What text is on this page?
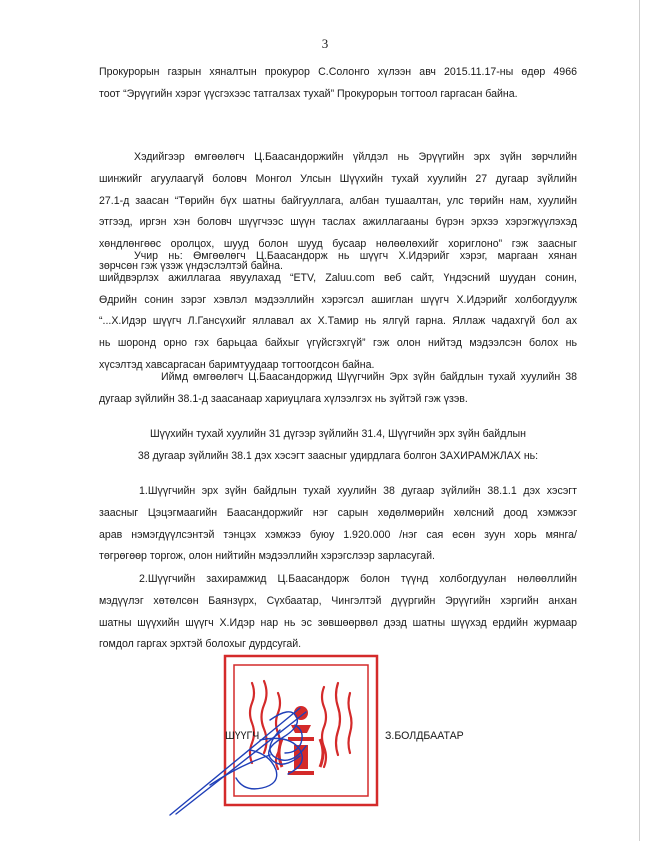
3
Прокурорын газрын хяналтын прокурор С.Солонго хүлээн авч 2015.11.17-ны өдөр 4966
тоот “Эрүүгийн хэрэг үүсгэхээс татгалзах тухай” Прокурорын тогтоол гаргасан байна.
Хэдийгээр өмгөөлөгч Ц.Баасандоржийн үйлдэл нь Эрүүгийн эрх зүйн зөрчлийн
шинжийг агуулаагүй боловч Монгол Улсын Шүүхийн тухай хуулийн 27 дугаар зүйлийн
27.1-д заасан “Төрийн бүх шатны байгууллага, албан тушаалтан, улс төрийн нам, хуулийн
этгээд, иргэн хэн боловч шүүгчээс шүүн таслах ажиллагааны бүрэн эрхээ хэрэгжүүлэхэд
хөндлөнгөөс оролцох, шууд болон шууд бусаар нөлөөлөхийг хориглоно” гэж заасныг
зөрчсөн гэж үзэж үндэслэлтэй байна.
Учир нь: Өмгөөлөгч Ц.Баасандорж нь шүүгч Х.Идэрийг хэрэг, маргаан хянан
шийдвэрлэх ажиллагаа явуулахад “ETV, Zaluu.com веб сайт, Үндэсний шуудан сонин,
Өдрийн сонин зэрэг хэвлэл мэдээллийн хэрэгсэл ашиглан шүүгч Х.Идэрийг холбогдуулж
“...Х.Идэр шүүгч Л.Гансүхийг яллавал ах Х.Тамир нь ялгүй гарна. Яллаж чадахгүй бол ах
нь шоронд орно гэх барьцаа байхыг үгүйсгэхгүй” гэж олон нийтэд мэдээлсэн болох нь
хүсэлтэд хавсаргасан баримтуудаар тогтоогдсон байна.
Иймд өмгөөлөгч Ц.Баасандоржид Шүүгчийн Эрх зүйн байдлын тухай хуулийн 38
дугаар зүйлийн 38.1-д заасанаар хариуцлага хүлээлгэх нь зүйтэй гэж үзэв.
Шүүхийн тухай хуулийн 31 дүгээр зүйлийн 31.4, Шүүгчийн эрх зүйн байдлын
38 дугаар зүйлийн 38.1 дэх хэсэгт заасныг удирдлага болгон ЗАХИРАМЖЛАХ нь:
1.Шүүгчийн эрх зүйн байдлын тухай хуулийн 38 дугаар зүйлийн 38.1.1 дэх хэсэгт
заасныг Цэцэгмаагийн Баасандоржийг нэг сарын хөдөлмөрийн хөлсний доод хэмжээг
арав нэмэгдүүлсэнтэй тэнцэх хэмжээ буюу 1.920.000 /нэг сая есөн зуун хорь мянга/
төгрөгөөр торгож, олон нийтийн мэдээллийн хэрэгслээр зарласугай.
2.Шүүгчийн захирамжид Ц.Баасандорж болон түүнд холбогдуулан нөлөөллийн
мэдүүлэг хөтөлсөн Баянзүрх, Сүхбаатар, Чингэлтэй дүүргийн Эрүүгийн хэргийн анхан
шатны шүүхийн шүүгч Х.Идэр нар нь эс зөвшөөрвөл дээд шатны шүүхэд ердийн журмаар
гомдол гаргах эрхтэй болохыг дурдсугай.
ШҮҮГЧ	З.БОЛДБААТАР
